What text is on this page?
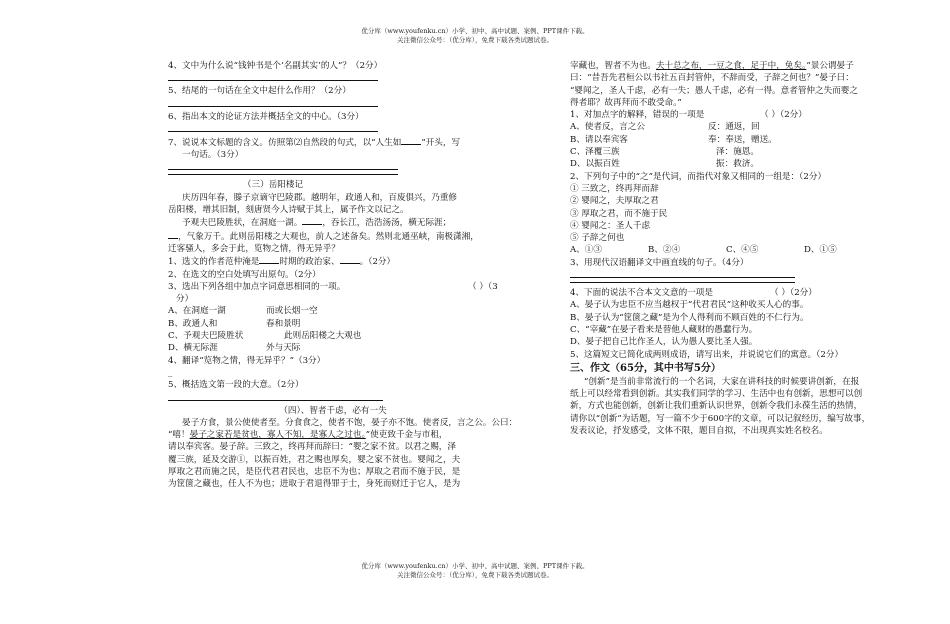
优分库（www.youfenku.cn）小学、初中、高中试题、案例、PPT课件下载。
关注微信公众号：（优分库），免费下载各类试题试卷。
4、文中为什么说“钱钟书是个‘名副其实’的人”？（2分）
5、结尾的一句话在全文中起什么作用？（2分）
6、指出本文的论证方法并概括全文的中心。（3分）
7、说说本文标题的含义。仿照第⑵自然段的句式，以“人生如 ”开头，写
一句话。（3分）
（三）岳阳楼记
庆历四年春，滕子京谪守巴陵郡。越明年，政通人和，百废俱兴，乃重修
岳阳楼，增其旧制，刻唐贤今人诗赋于其上，属予作文以记之。
予观夫巴陵胜状，在洞庭一湖。 ，吞长江，浩浩汤汤，横无际涯；
，气象万千。此则岳阳楼之大观也，前人之述备矣。然则北通巫峡，南极潇湘，
迁客骚人，多会于此，览物之情，得无异乎？
1、选文的作者范仲淹是 时期的政治家、 。（2分）
2、在选文的空白处填写出原句。（2分）
3、选出下列各组中加点字词意思相同的一项。	（ ）（3
分）
A、在洞庭一湖	而或长烟一空
B、政通人和	春和景明
C、予观夫巴陵胜状	此则岳阳楼之大观也
D、横无际涯	外与天际
4、翻译“览物之情，得无异乎？”（3分）
_
5、概括选文第一段的大意。（2分）
（四）、智者千虑，必有一失
晏子方食，景公使使者至。分食食之，使者不饱，晏子亦不饱。使者反，言之公。公曰：
“嘻！晏子之家若是贫也，寡人不知，是寡人之过也。”使吏致千金与市租，
请以奉宾客。晏子辞。三致之，终再拜而辞曰：“婴之家不贫。以君之赐，泽
覆三族，延及交游①，以振百姓，君之赐也厚矣，婴之家不贫也。婴闻之，夫
厚取之君而施之民，是臣代君君民也，忠臣不为也；厚取之君而不施于民，是
为筐箧之藏也，任人不为也；进取于君退得罪于士，身死而财迁于它人，是为
宰藏也，智者不为也。夫十总之布，一豆之食，足于中，免矣。”景公谓晏子
曰：“昔吾先君桓公以书社五百封管仲，不辞而受，子辞之何也？”晏子曰：
“婴闻之，圣人千虑，必有一失；愚人千虑，必有一得。意者管仲之失而婴之
得者耶？故再拜而不敢受命。”
1、对加点字的解释，错误的一项是	（ ）（2分）
A、使者反，言之公	反：通返，回
B、请以奉宾客	奉：奉送，赠送。
C、泽覆三族	泽：施恩。
D、以振百姓	振：救济。
2、下列句子中的“之”是代词，而指代对象又相同的一组是：（2分）
① 三致之，终再拜而辞
② 婴闻之，夫厚取之君
③ 厚取之君，而不施于民
④ 婴闻之：圣人千虑
⑤ 子辞之何也
A、①③	B、②④	C、④⑤	D、①⑤
3、用现代汉语翻译文中画直线的句子。（4分）
4、下面的说法不合本文文意的一项是	（ ）（2分）
A、晏子认为忠臣不应当越权于“代君君民”这种收买人心的事。
B、晏子认为“筐箧之藏”是为个人得利而不顾百姓的不仁行为。
C、“宰藏”在晏子看来是替他人藏财的愚蠢行为。
D、晏子把自己比作圣人，认为愚人要比圣人强。
5、这篇短文已简化成两则成语，请写出来，并说说它们的寓意。（2分）
三、作文（65分，其中书写5分）
“创新”是当前非常流行的一个名词，大家在讲科技的时候要讲创新，在报
纸上可以经常看到创新。其实我们同学的学习、生活中也有创新，思想可以创
新，方式也能创新，创新让我们重新认识世界，创新令我们永葆生活的热情，
请你以“创新”为话题，写一篇不少于600字的文章，可以记叙经历，编写故事，
发表议论，抒发感受，文体不限，题目自拟，不出现真实姓名校名。
优分库（www.youfenku.cn）小学、初中、高中试题、案例、PPT课件下载。
关注微信公众号：（优分库），免费下载各类试题试卷。
